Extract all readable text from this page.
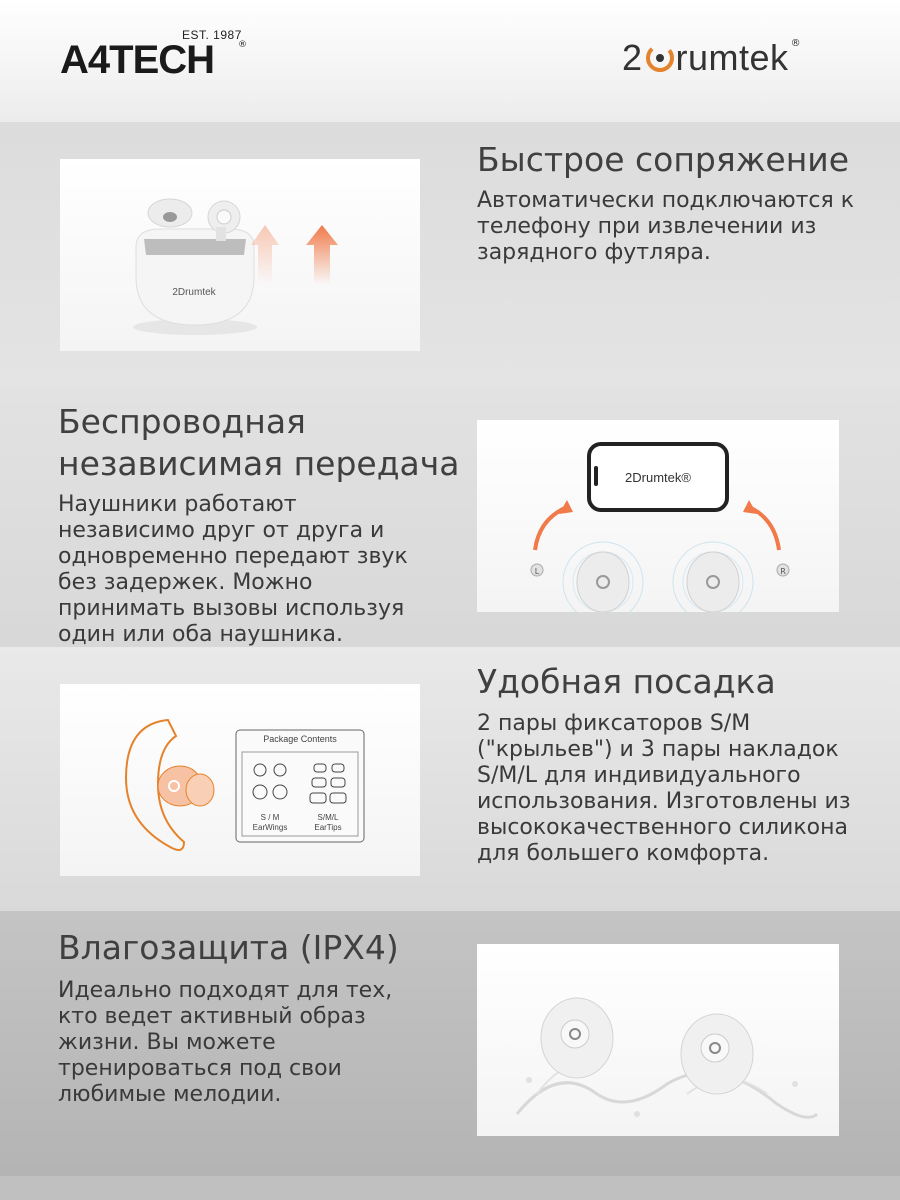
EST. 1987
A4TECH	®	2 rumtek ®
2Drumtek
Быстрое сопряжение
Автоматически подключаются к телефону при извлечении из зарядного футляра.
Беспроводная
независимая передача
Наушники работают независимо друг от друга и одновременно передают звук без задержек. Можно принимать вызовы используя один или оба наушника.
2Drumtek®
L	R
Package Contents
S / M
EarWings
S/M/L
EarTips
Удобная посадка
2 пары фиксаторов S/M ("крыльев") и 3 пары накладок S/M/L для индивидуального использования. Изготовлены из высококачественного силикона для большего комфорта.
Влагозащита (IPX4)
Идеально подходят для тех, кто ведет активный образ жизни. Вы можете тренироваться под свои любимые мелодии.
